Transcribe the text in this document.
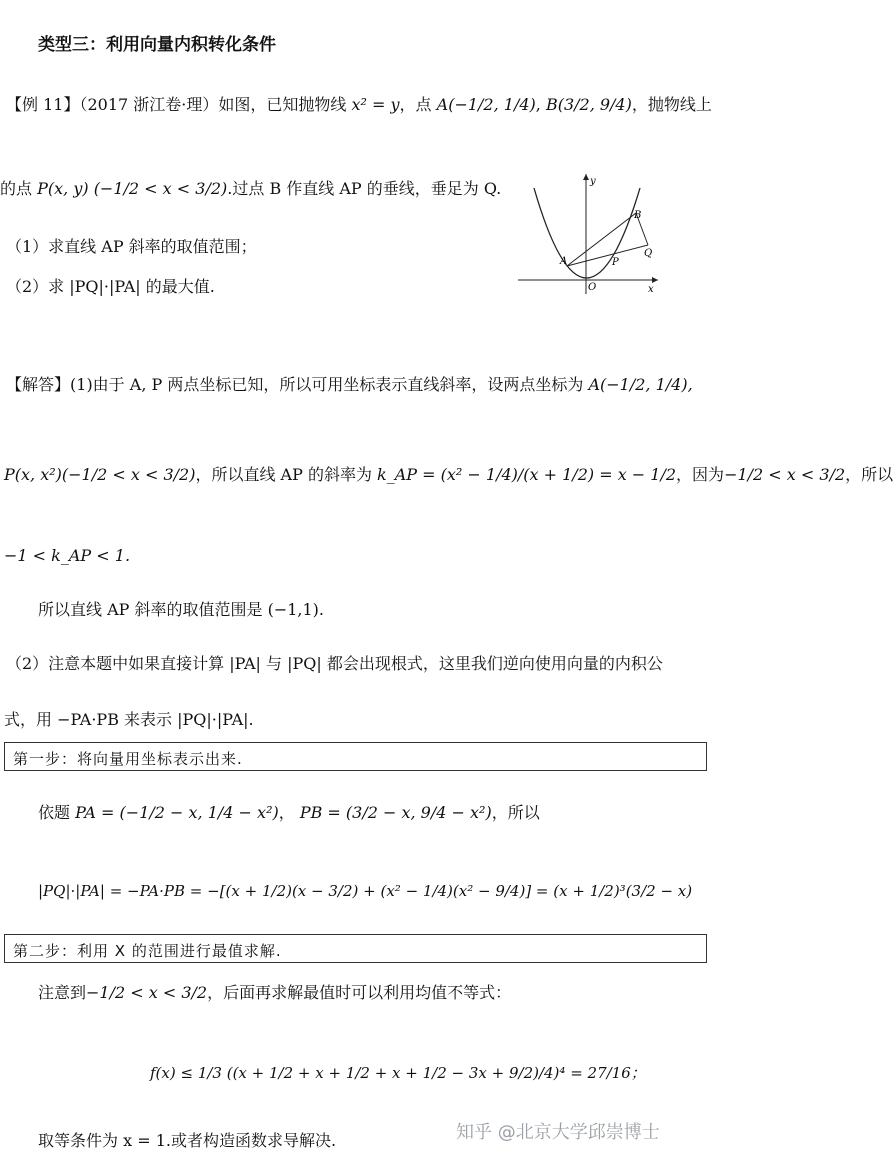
类型三：利用向量内积转化条件
【例 11】（2017 浙江卷·理）如图，已知抛物线 x² = y，点 A(−1/2, 1/4), B(3/2, 9/4)，抛物线上
的点 P(x, y) (−1/2 < x < 3/2).过点 B 作直线 AP 的垂线，垂足为 Q.
（1）求直线 AP 斜率的取值范围；
（2）求 |PQ|·|PA| 的最大值.
y
x
O
A
B
P
Q
【解答】(1)由于 A, P 两点坐标已知，所以可用坐标表示直线斜率，设两点坐标为 A(−1/2, 1/4),
P(x, x²)(−1/2 < x < 3/2)，所以直线 AP 的斜率为 k_AP = (x² − 1/4)/(x + 1/2) = x − 1/2，因为−1/2 < x < 3/2，所以
−1 < k_AP < 1.
所以直线 AP 斜率的取值范围是 (−1,1).
（2）注意本题中如果直接计算 |PA| 与 |PQ| 都会出现根式，这里我们逆向使用向量的内积公
式，用 −PA·PB 来表示 |PQ|·|PA|.
第一步：将向量用坐标表示出来.
依题 PA = (−1/2 − x, 1/4 − x²)， PB = (3/2 − x, 9/4 − x²)，所以
|PQ|·|PA| = −PA·PB = −[(x + 1/2)(x − 3/2) + (x² − 1/4)(x² − 9/4)] = (x + 1/2)³(3/2 − x)
第二步：利用 X 的范围进行最值求解.
注意到−1/2 < x < 3/2，后面再求解最值时可以利用均值不等式：
f(x) ≤ 1/3 ((x + 1/2 + x + 1/2 + x + 1/2 − 3x + 9/2)/4)⁴ = 27/16；
取等条件为 x = 1.或者构造函数求导解决.	知乎 @北京大学邱崇博士
